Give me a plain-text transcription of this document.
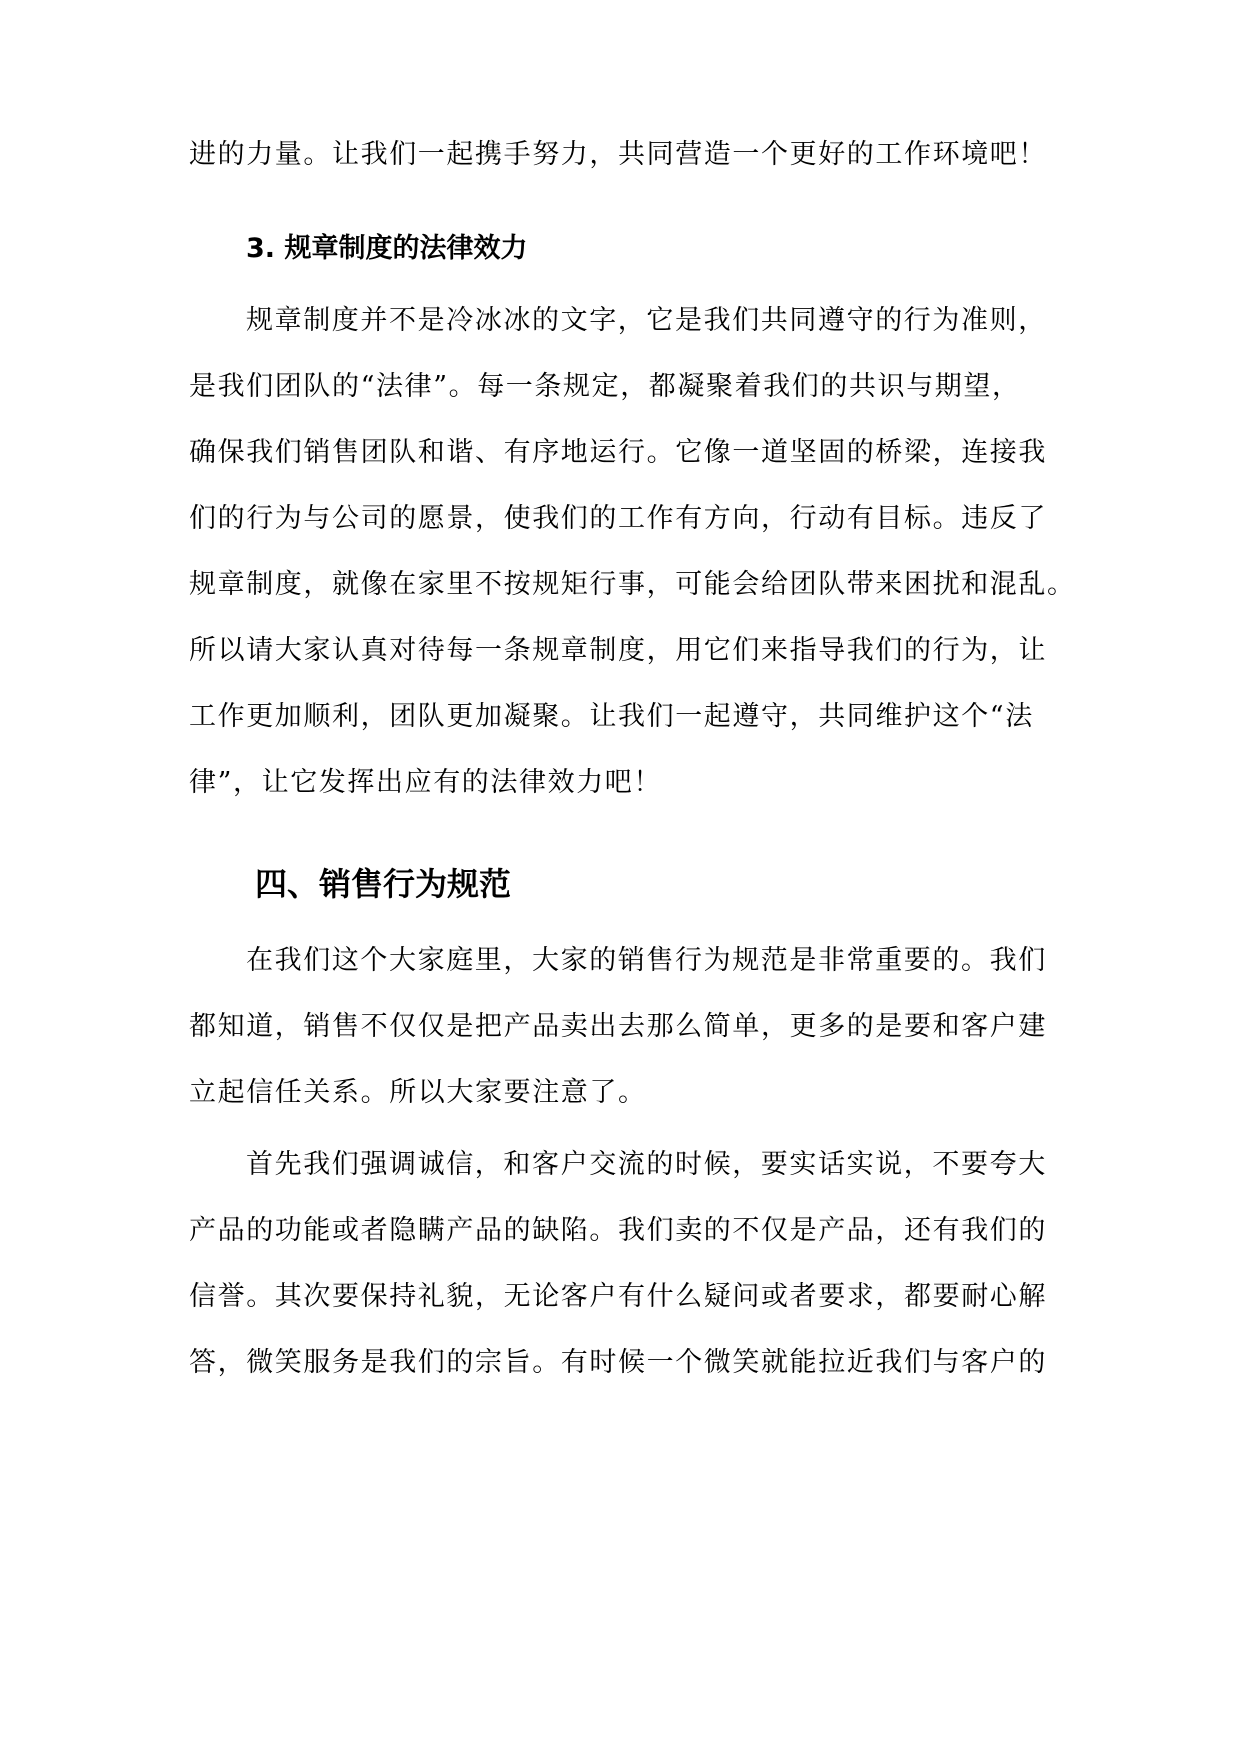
进的力量。让我们一起携手努力，共同营造一个更好的工作环境吧！
3. 规章制度的法律效力
规章制度并不是冷冰冰的文字，它是我们共同遵守的行为准则，
是我们团队的“法律”。每一条规定，都凝聚着我们的共识与期望，
确保我们销售团队和谐、有序地运行。它像一道坚固的桥梁，连接我
们的行为与公司的愿景，使我们的工作有方向，行动有目标。违反了
规章制度，就像在家里不按规矩行事，可能会给团队带来困扰和混乱。
所以请大家认真对待每一条规章制度，用它们来指导我们的行为，让
工作更加顺利，团队更加凝聚。让我们一起遵守，共同维护这个“法
律”，让它发挥出应有的法律效力吧！
四、销售行为规范
在我们这个大家庭里，大家的销售行为规范是非常重要的。我们
都知道，销售不仅仅是把产品卖出去那么简单，更多的是要和客户建
立起信任关系。所以大家要注意了。
首先我们强调诚信，和客户交流的时候，要实话实说，不要夸大
产品的功能或者隐瞒产品的缺陷。我们卖的不仅是产品，还有我们的
信誉。其次要保持礼貌，无论客户有什么疑问或者要求，都要耐心解
答，微笑服务是我们的宗旨。有时候一个微笑就能拉近我们与客户的
